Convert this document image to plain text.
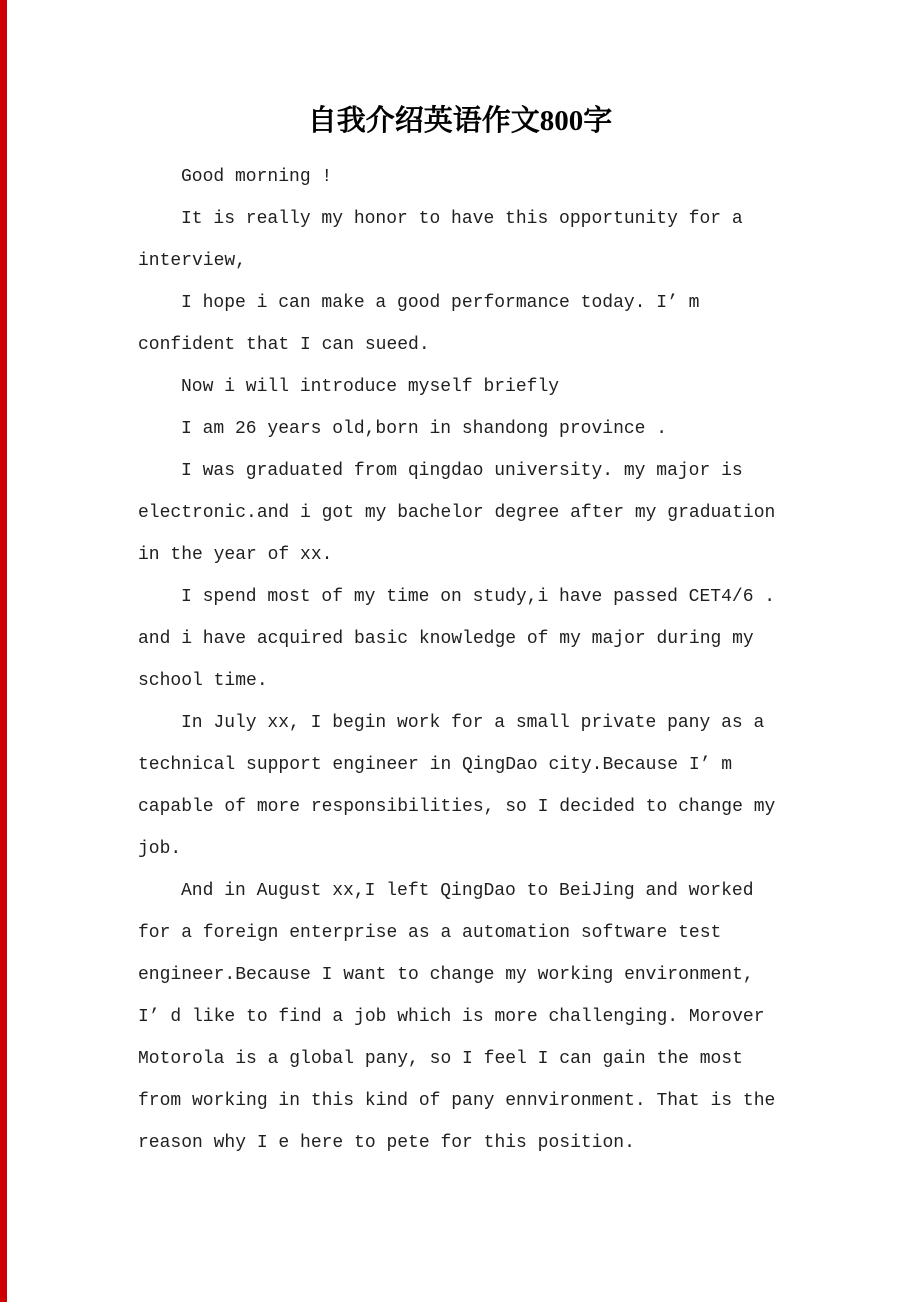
自我介绍英语作文800字
Good morning !
It is really my honor to have this opportunity for a
interview,
I hope i can make a good performance today. I’ m
confident that I can sueed.
Now i will introduce myself briefly
I am 26 years old,born in shandong province .
I was graduated from qingdao university. my major is
electronic.and i got my bachelor degree after my graduation
in the year of xx.
I spend most of my time on study,i have passed CET4/6 .
and i have acquired basic knowledge of my major during my
school time.
In July xx, I begin work for a small private pany as a
technical support engineer in QingDao city.Because I’ m
capable of more responsibilities, so I decided to change my
job.
And in August xx,I left QingDao to BeiJing and worked
for a foreign enterprise as a automation software test
engineer.Because I want to change my working environment,
I’ d like to find a job which is more challenging. Morover
Motorola is a global pany, so I feel I can gain the most
from working in this kind of pany ennvironment. That is the
reason why I e here to pete for this position.
